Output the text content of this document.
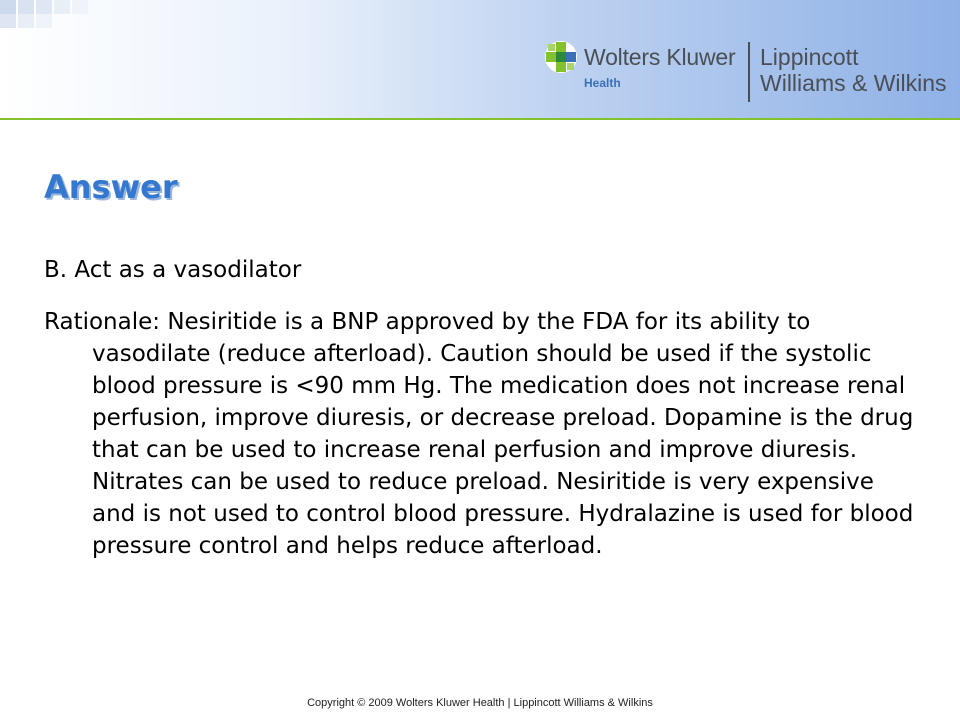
Wolters Kluwer
Health
Lippincott
Williams & Wilkins
Answer
B. Act as a vasodilator

Rationale: Nesiritide is a BNP approved by the FDA for its ability to vasodilate (reduce afterload). Caution should be used if the systolic blood pressure is <90 mm Hg. The medication does not increase renal perfusion, improve diuresis, or decrease preload. Dopamine is the drug that can be used to increase renal perfusion and improve diuresis. Nitrates can be used to reduce preload. Nesiritide is very expensive and is not used to control blood pressure. Hydralazine is used for blood pressure control and helps reduce afterload.

Copyright © 2009 Wolters Kluwer Health | Lippincott Williams & Wilkins
